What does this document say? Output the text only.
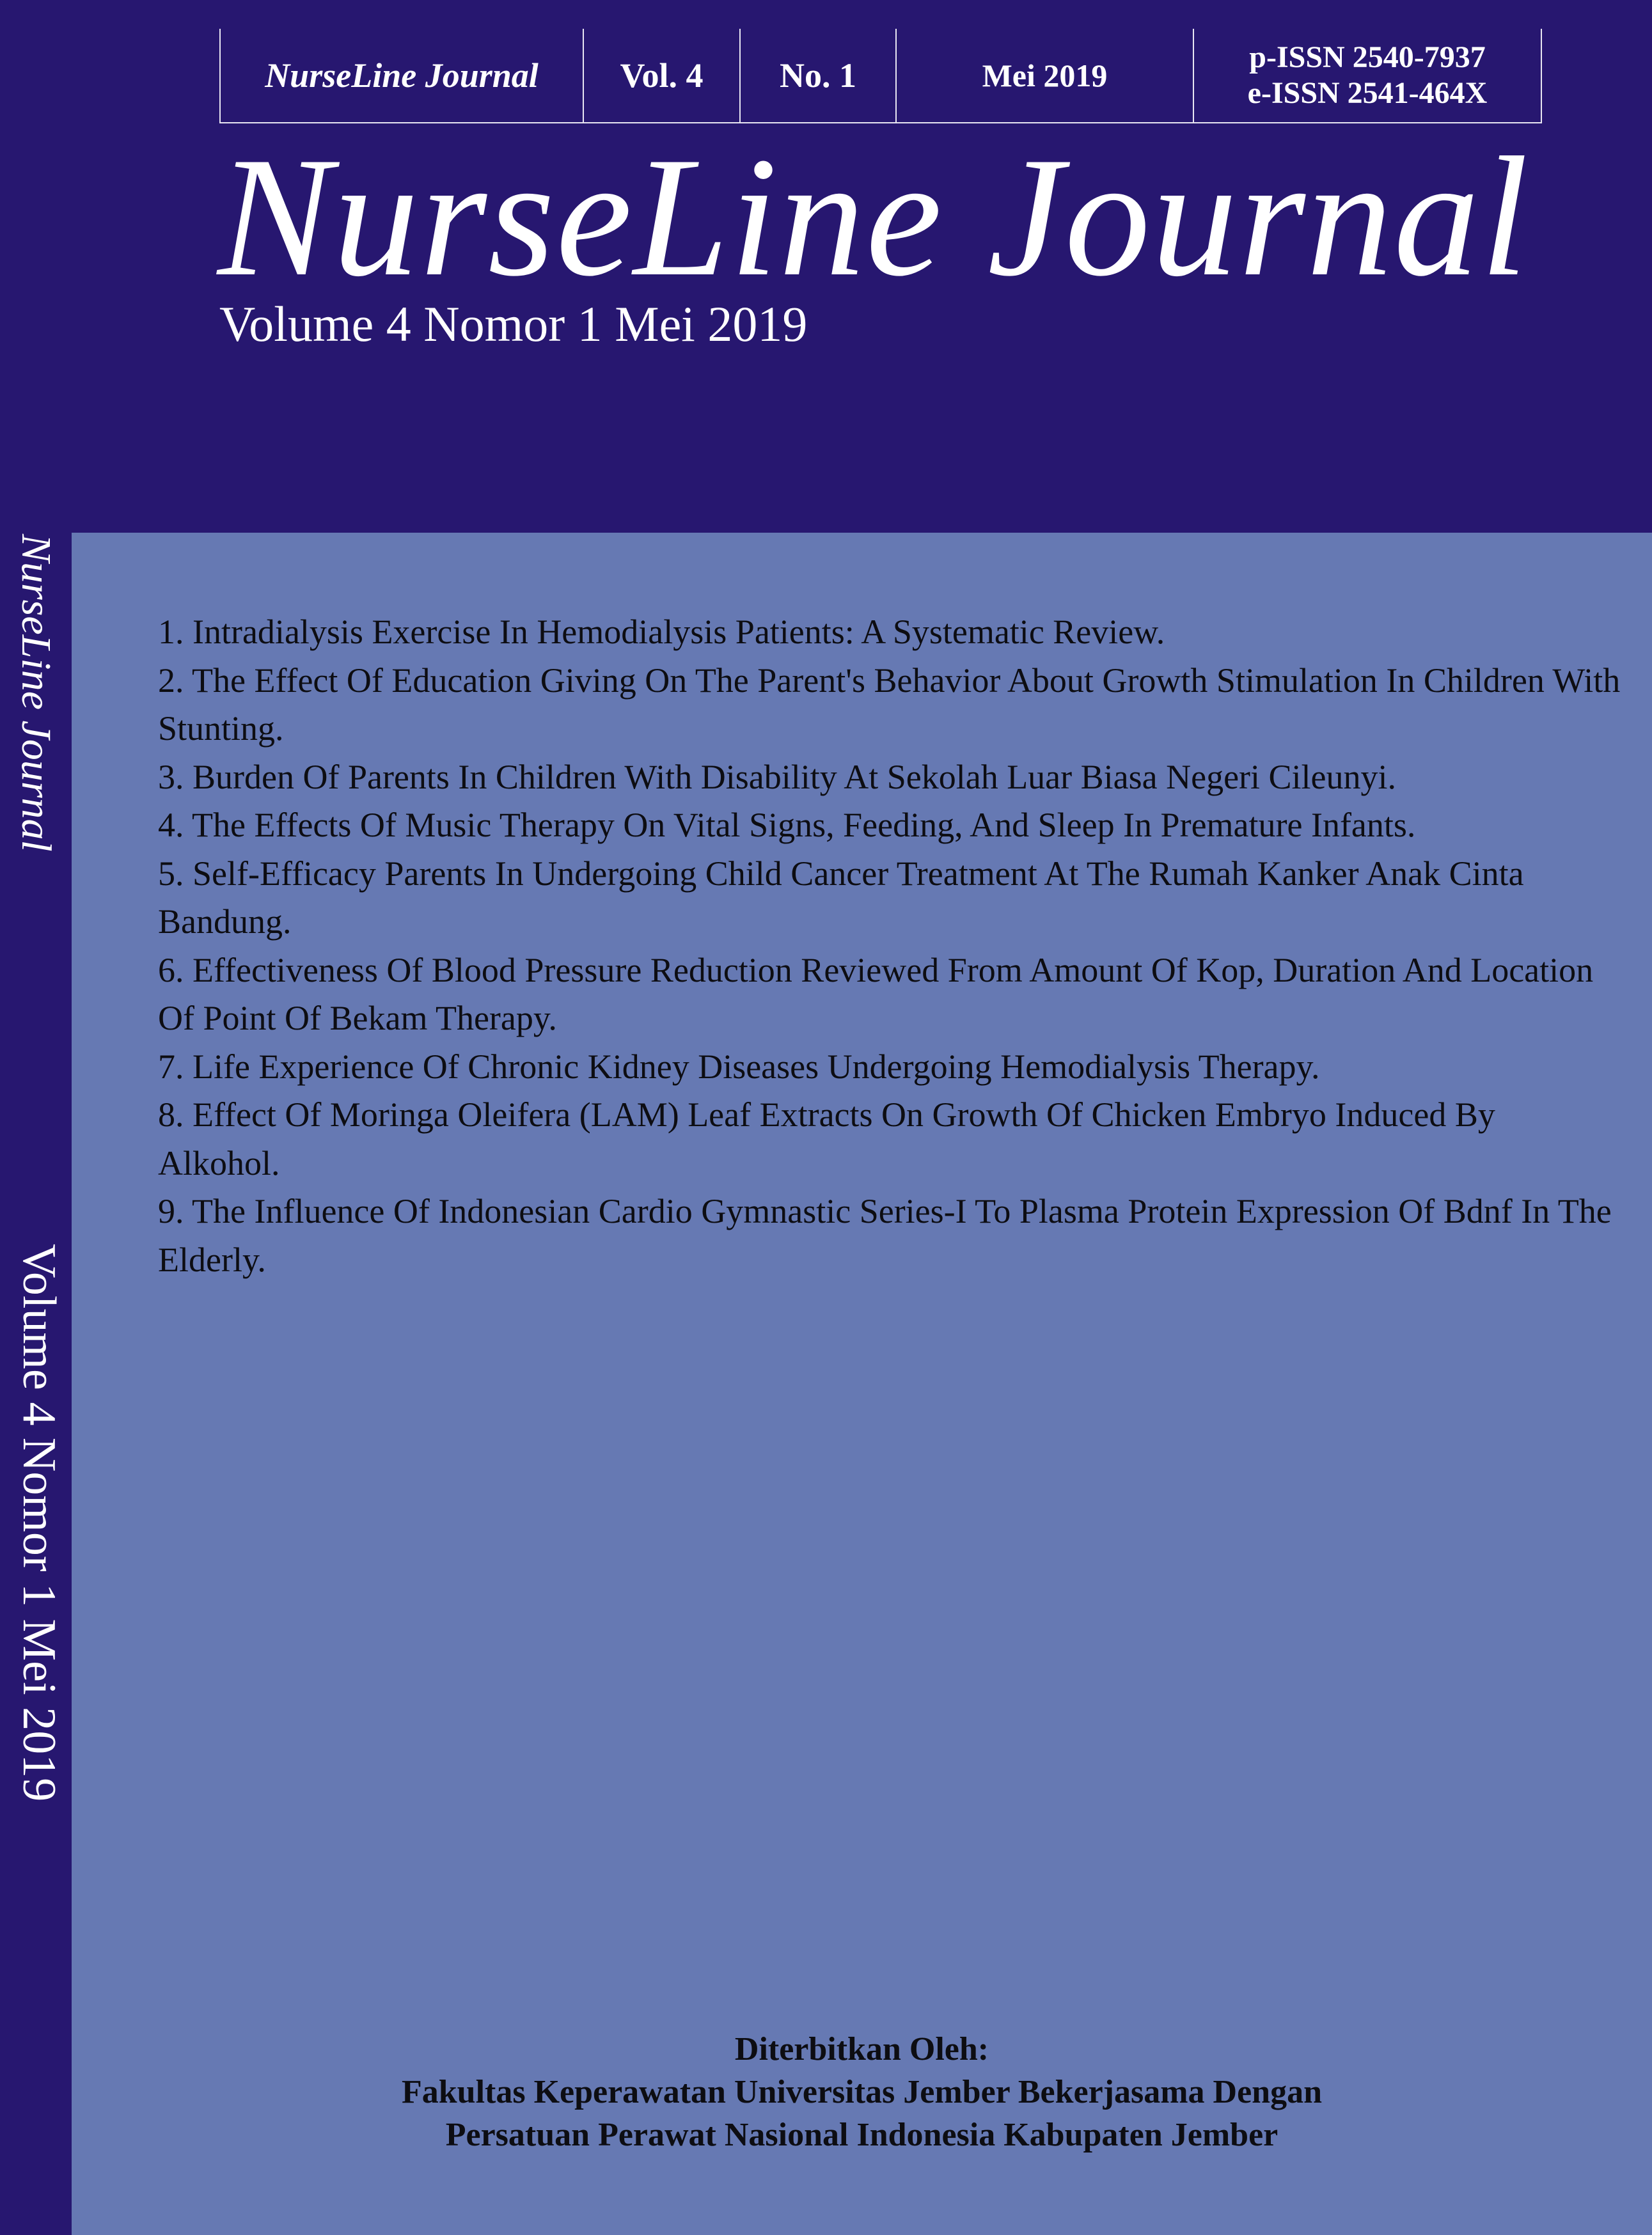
NurseLine Journal
Volume 4 Nomor 1 Mei 2019
NurseLine Journal	Vol. 4	No. 1	Mei 2019
p-ISSN 2540-7937
e-ISSN 2541-464X
NurseLine Journal
Volume 4 Nomor 1 Mei 2019
1. Intradialysis Exercise In Hemodialysis Patients: A Systematic Review.
2. The Effect Of Education Giving On The Parent's Behavior About Growth Stimulation In Children With Stunting.
3. Burden Of Parents In Children With Disability At Sekolah Luar Biasa Negeri Cileunyi.
4. The Effects Of Music Therapy On Vital Signs, Feeding, And Sleep In Premature Infants.
5. Self-Efficacy Parents In Undergoing Child Cancer Treatment At The Rumah Kanker Anak Cinta Bandung.
6. Effectiveness Of Blood Pressure Reduction Reviewed From Amount Of Kop, Duration And Location Of Point Of Bekam Therapy.
7. Life Experience Of Chronic Kidney Diseases Undergoing Hemodialysis Therapy.
8. Effect Of Moringa Oleifera (LAM) Leaf Extracts On Growth Of Chicken Embryo Induced By Alkohol.
9. The Influence Of Indonesian Cardio Gymnastic Series-I To Plasma Protein Expression Of Bdnf In The Elderly.
Diterbitkan Oleh:
Fakultas Keperawatan Universitas Jember Bekerjasama Dengan
Persatuan Perawat Nasional Indonesia Kabupaten Jember
